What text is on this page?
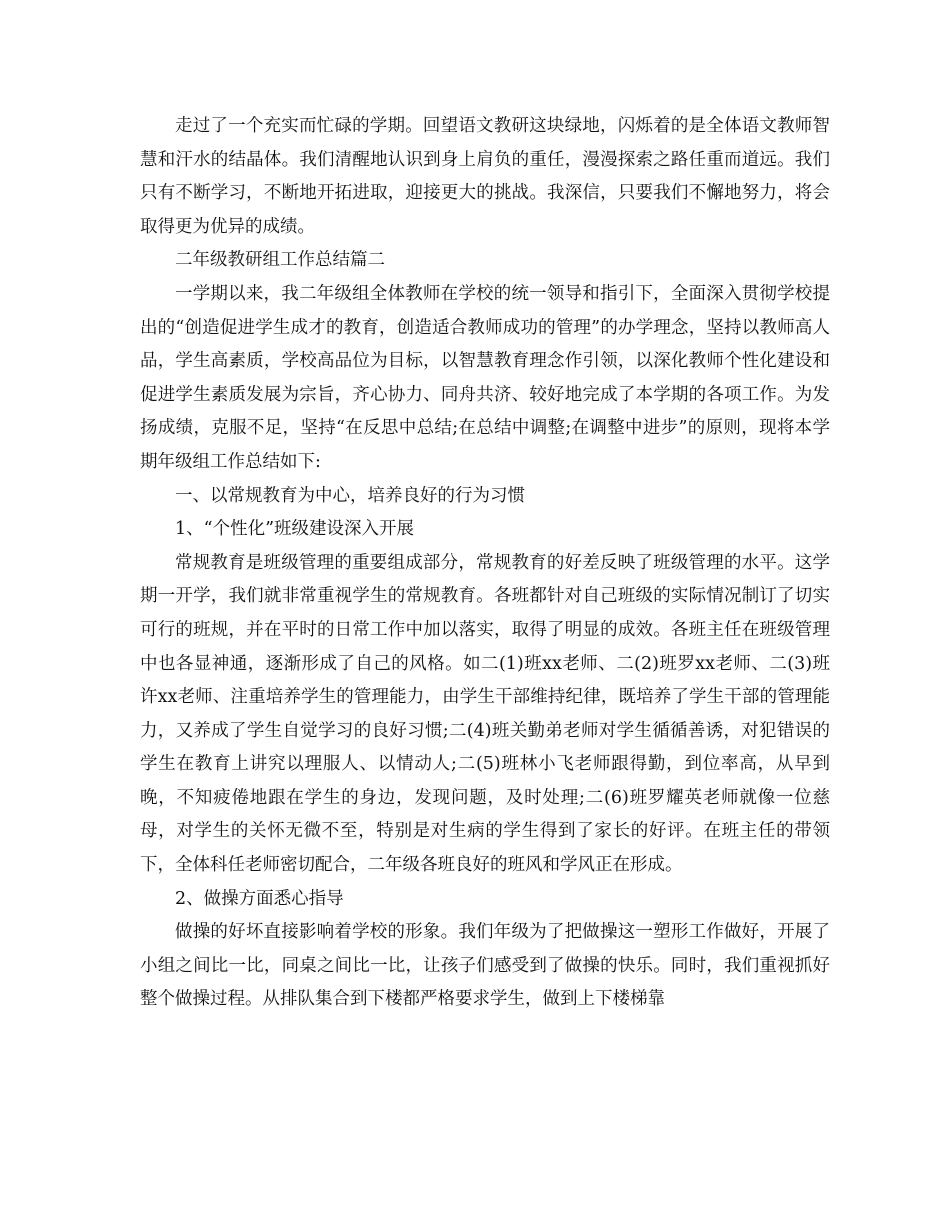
走过了一个充实而忙碌的学期。回望语文教研这块绿地，闪烁着的是全体语文教师智慧和汗水的结晶体。我们清醒地认识到身上肩负的重任，漫漫探索之路任重而道远。我们只有不断学习，不断地开拓进取，迎接更大的挑战。我深信，只要我们不懈地努力，将会取得更为优异的成绩。

二年级教研组工作总结篇二

一学期以来，我二年级组全体教师在学校的统一领导和指引下，全面深入贯彻学校提出的“创造促进学生成才的教育，创造适合教师成功的管理”的办学理念，坚持以教师高人品，学生高素质，学校高品位为目标，以智慧教育理念作引领，以深化教师个性化建设和促进学生素质发展为宗旨，齐心协力、同舟共济、较好地完成了本学期的各项工作。为发扬成绩，克服不足，坚持“在反思中总结;在总结中调整;在调整中进步”的原则，现将本学期年级组工作总结如下:

一、以常规教育为中心，培养良好的行为习惯

1、“个性化”班级建设深入开展

常规教育是班级管理的重要组成部分，常规教育的好差反映了班级管理的水平。这学期一开学，我们就非常重视学生的常规教育。各班都针对自己班级的实际情况制订了切实可行的班规，并在平时的日常工作中加以落实，取得了明显的成效。各班主任在班级管理中也各显神通，逐渐形成了自己的风格。如二(1)班xx老师、二(2)班罗xx老师、二(3)班许xx老师、注重培养学生的管理能力，由学生干部维持纪律，既培养了学生干部的管理能力，又养成了学生自觉学习的良好习惯;二(4)班关勤弟老师对学生循循善诱，对犯错误的学生在教育上讲究以理服人、以情动人;二(5)班林小飞老师跟得勤，到位率高，从早到晚，不知疲倦地跟在学生的身边，发现问题，及时处理;二(6)班罗耀英老师就像一位慈母，对学生的关怀无微不至，特别是对生病的学生得到了家长的好评。在班主任的带领下，全体科任老师密切配合，二年级各班良好的班风和学风正在形成。

2、做操方面悉心指导

做操的好坏直接影响着学校的形象。我们年级为了把做操这一塑形工作做好，开展了小组之间比一比，同桌之间比一比，让孩子们感受到了做操的快乐。同时，我们重视抓好整个做操过程。从排队集合到下楼都严格要求学生，做到上下楼梯靠
